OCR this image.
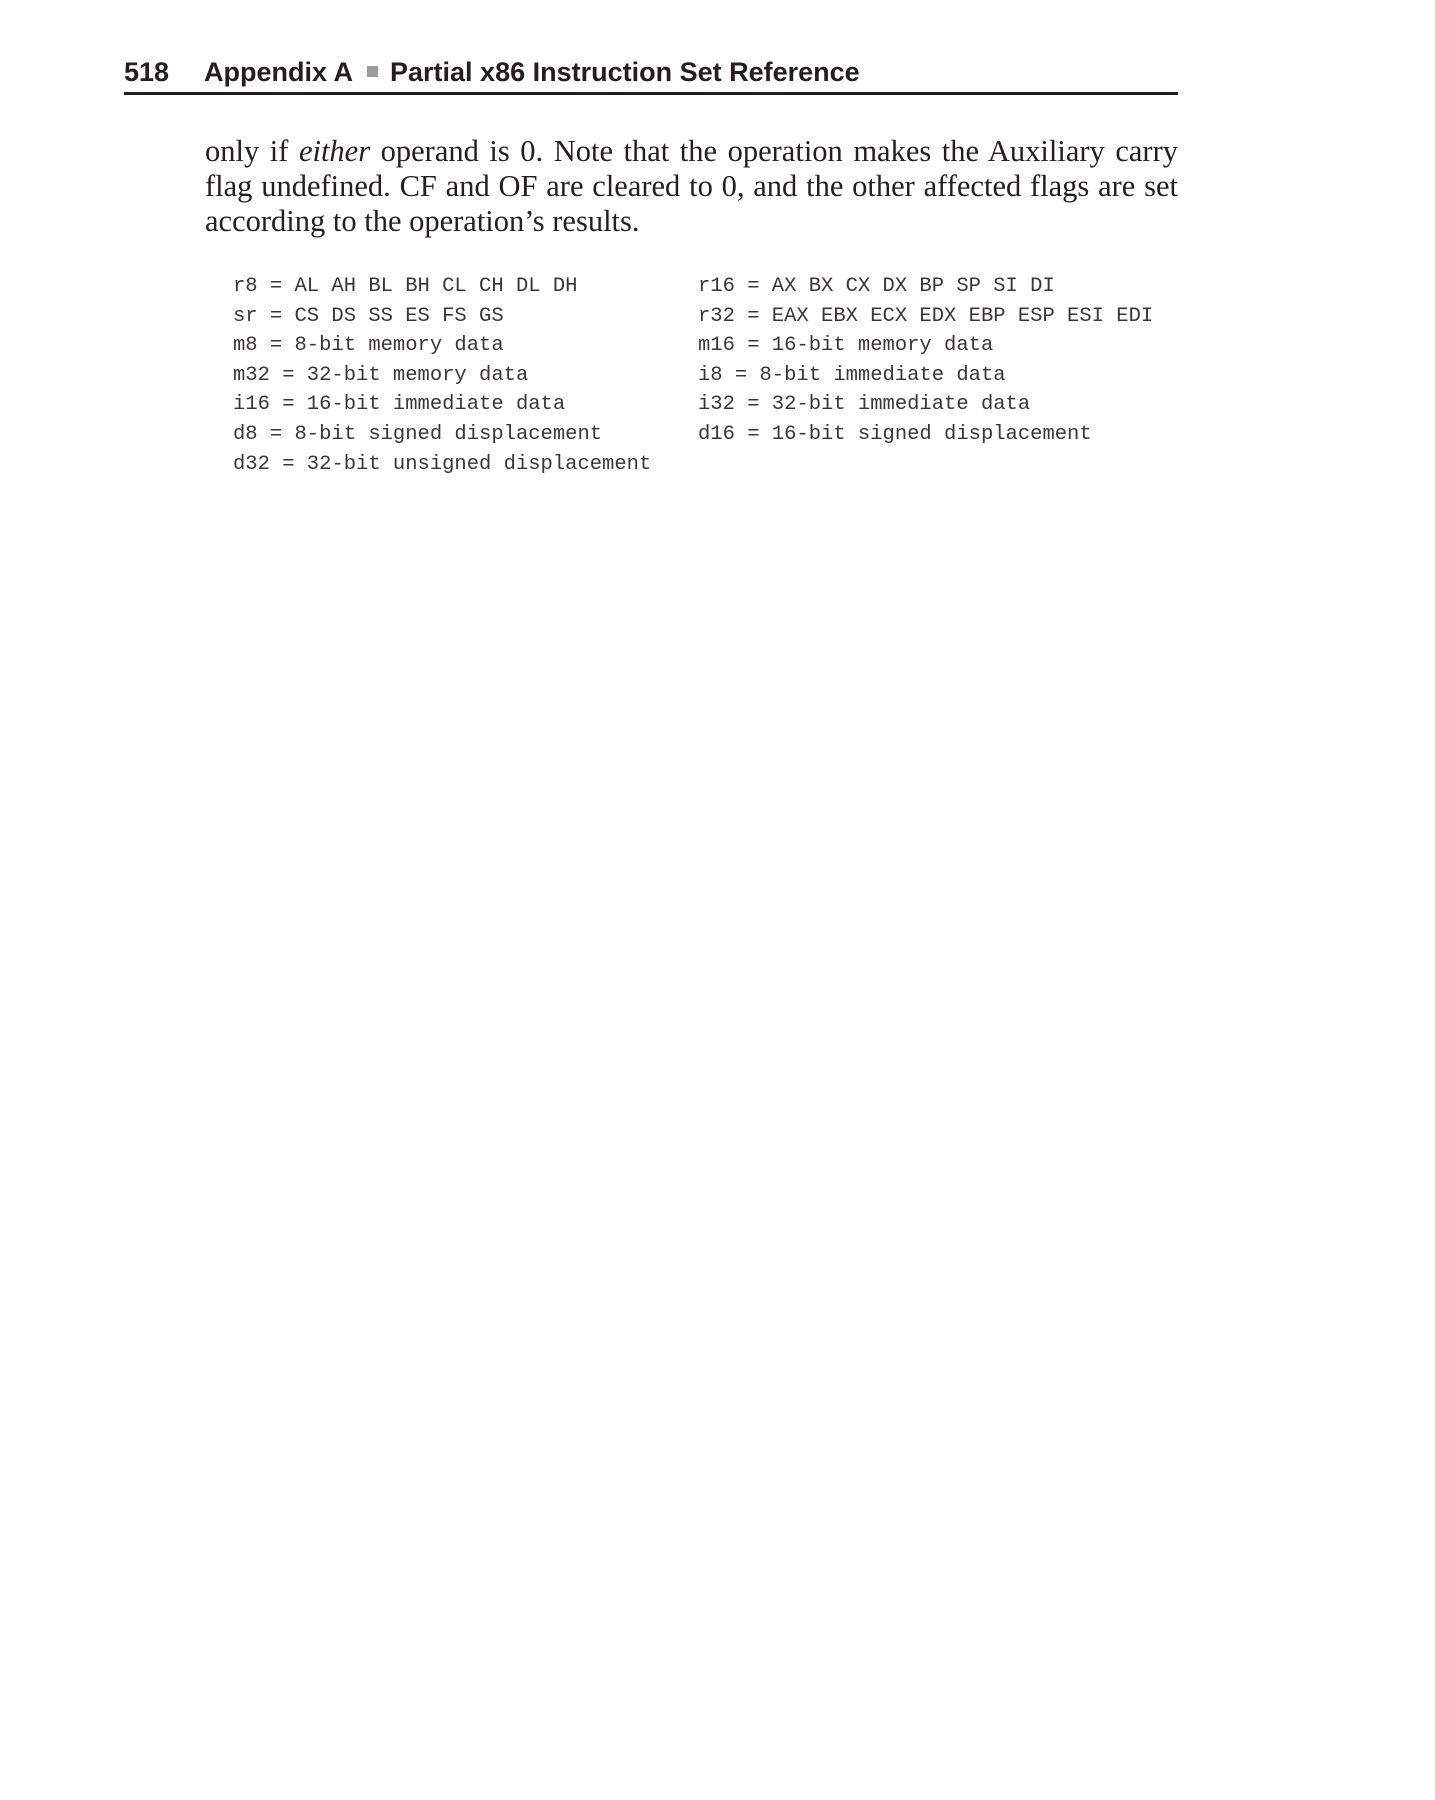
518 Appendix A Partial x86 Instruction Set Reference

only if either operand is 0. Note that the operation makes the Auxiliary carry flag undefined. CF and OF are cleared to 0, and the other affected flags are set according to the operation’s results.

r8 = AL AH BL BH CL CH DL DH	r16 = AX BX CX DX BP SP SI DI
sr = CS DS SS ES FS GS	r32 = EAX EBX ECX EDX EBP ESP ESI EDI
m8 = 8-bit memory data	m16 = 16-bit memory data
m32 = 32-bit memory data	i8 = 8-bit immediate data
i16 = 16-bit immediate data	i32 = 32-bit immediate data
d8 = 8-bit signed displacement	d16 = 16-bit signed displacement
d32 = 32-bit unsigned displacement
